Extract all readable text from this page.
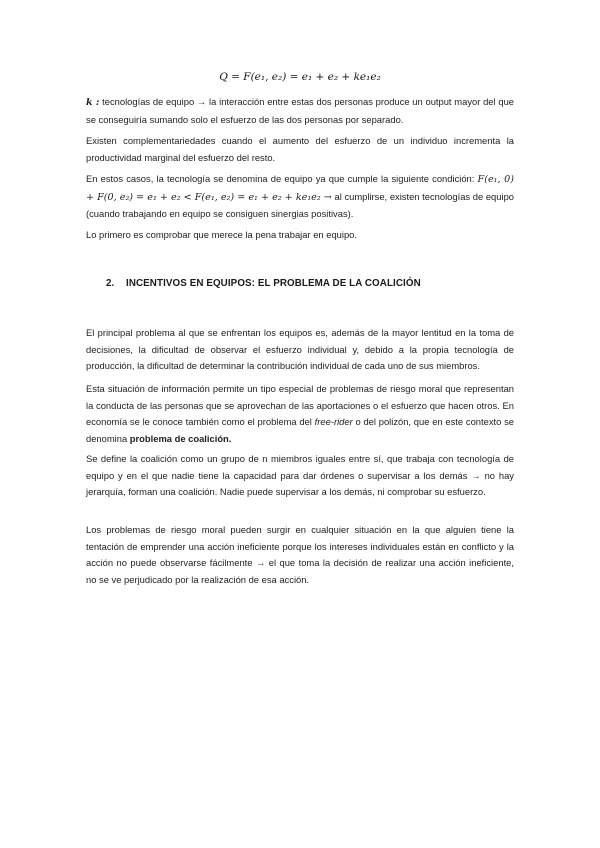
Q = F(e₁, e₂) = e₁ + e₂ + ke₁e₂

k : tecnologías de equipo → la interacción entre estas dos personas produce un output mayor del que se conseguiría sumando solo el esfuerzo de las dos personas por separado.

Existen complementariedades cuando el aumento del esfuerzo de un individuo incrementa la productividad marginal del esfuerzo del resto.

En estos casos, la tecnología se denomina de equipo ya que cumple la siguiente condición: F(e₁, 0) + F(0, e₂) = e₁ + e₂ < F(e₁, e₂) = e₁ + e₂ + ke₁e₂ → al cumplirse, existen tecnologías de equipo (cuando trabajando en equipo se consiguen sinergias positivas).

Lo primero es comprobar que merece la pena trabajar en equipo.

2. INCENTIVOS EN EQUIPOS: EL PROBLEMA DE LA COALICIÓN

El principal problema al que se enfrentan los equipos es, además de la mayor lentitud en la toma de decisiones, la dificultad de observar el esfuerzo individual y, debido a la propia tecnología de producción, la dificultad de determinar la contribución individual de cada uno de sus miembros.

Esta situación de información permite un tipo especial de problemas de riesgo moral que representan la conducta de las personas que se aprovechan de las aportaciones o el esfuerzo que hacen otros. En economía se le conoce también como el problema del free-rider o del polizón, que en este contexto se denomina problema de coalición.

Se define la coalición como un grupo de n miembros iguales entre sí, que trabaja con tecnología de equipo y en el que nadie tiene la capacidad para dar órdenes o supervisar a los demás → no hay jerarquía, forman una coalición. Nadie puede supervisar a los demás, ni comprobar su esfuerzo.

Los problemas de riesgo moral pueden surgir en cualquier situación en la que alguien tiene la tentación de emprender una acción ineficiente porque los intereses individuales están en conflicto y la acción no puede observarse fácilmente → el que toma la decisión de realizar una acción ineficiente, no se ve perjudicado por la realización de esa acción.
